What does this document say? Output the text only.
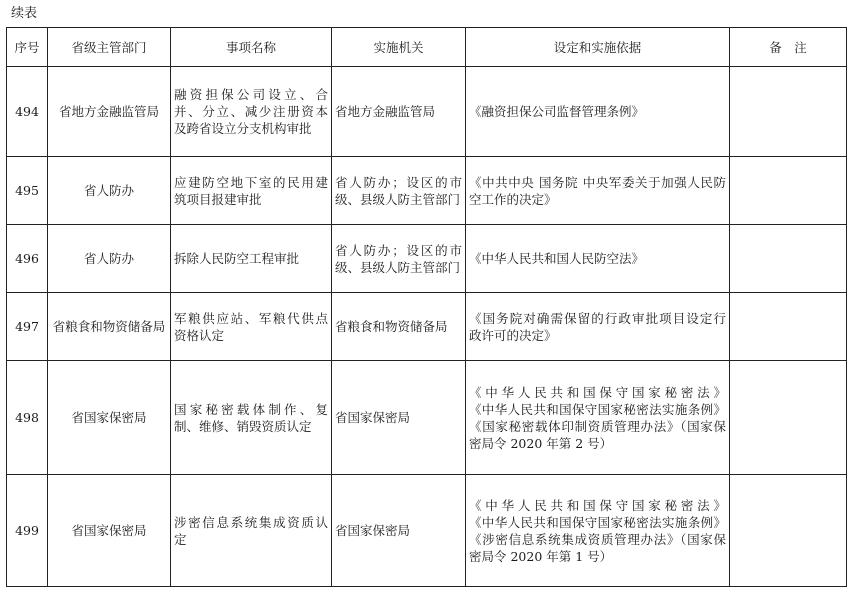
续表
序号	省级主管部门	事项名称	实施机关	设定和实施依据	备　注
494	省地方金融监管局	融资担保公司设立、合
并、分立、减少注册资本
及跨省设立分支机构审批	省地方金融监管局	《融资担保公司监督管理条例》	

495	省人防办	应建防空地下室的民用建
筑项目报建审批	省人防办；设区的市
级、县级人防主管部门	《中共中央 国务院 中央军委关于加强人民防
空工作的决定》	

496	省人防办	拆除人民防空工程审批	省人防办；设区的市
级、县级人防主管部门	《中华人民共和国人民防空法》	

497	省粮食和物资储备局	军粮供应站、军粮代供点
资格认定	省粮食和物资储备局	《国务院对确需保留的行政审批项目设定行
政许可的决定》	

498	省国家保密局	国家秘密载体制作、复
制、维修、销毁资质认定	省国家保密局	《中华人民共和国保守国家秘密法》
《中华人民共和国保守国家秘密法实施条例》
《国家秘密载体印制资质管理办法》（国家保
密局令 2020 年第 2 号）	

499	省国家保密局	涉密信息系统集成资质认
定	省国家保密局	《中华人民共和国保守国家秘密法》
《中华人民共和国保守国家秘密法实施条例》
《涉密信息系统集成资质管理办法》（国家保
密局令 2020 年第 1 号）	
